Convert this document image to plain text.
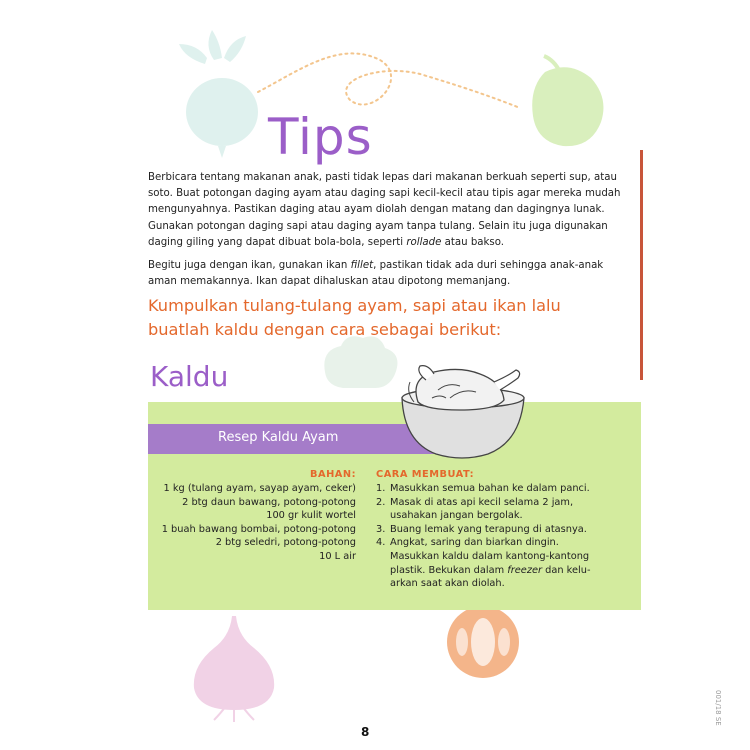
Tips

Berbicara tentang makanan anak, pasti tidak lepas dari makanan berkuah seperti sup, atau soto. Buat potongan daging ayam atau daging sapi kecil-kecil atau tipis agar mereka mudah mengunyahnya. Pastikan daging atau ayam diolah dengan matang dan dagingnya lunak. Gunakan potongan daging sapi atau daging ayam tanpa tulang. Selain itu juga digunakan daging giling yang dapat dibuat bola-bola, seperti rollade atau bakso.

Begitu juga dengan ikan, gunakan ikan fillet, pastikan tidak ada duri sehingga anak-anak aman memakannya. Ikan dapat dihaluskan atau dipotong memanjang.

Kumpulkan tulang-tulang ayam, sapi atau ikan lalu
buatlah kaldu dengan cara sebagai berikut:
Kaldu
Resep Kaldu Ayam
BAHAN:
1 kg (tulang ayam, sayap ayam, ceker)
2 btg daun bawang, potong-potong
100 gr kulit wortel
1 buah bawang bombai, potong-potong
2 btg seledri, potong-potong
10 L air
CARA MEMBUAT:
1. Masukkan semua bahan ke dalam panci.
2. Masak di atas api kecil selama 2 jam, usahakan jangan bergolak.
3. Buang lemak yang terapung di atasnya.
4. Angkat, saring dan biarkan dingin. Masukkan kaldu dalam kantong-kantong plastik. Bekukan dalam freezer dan kelu-arkan saat akan diolah.
8
001/18 SE
